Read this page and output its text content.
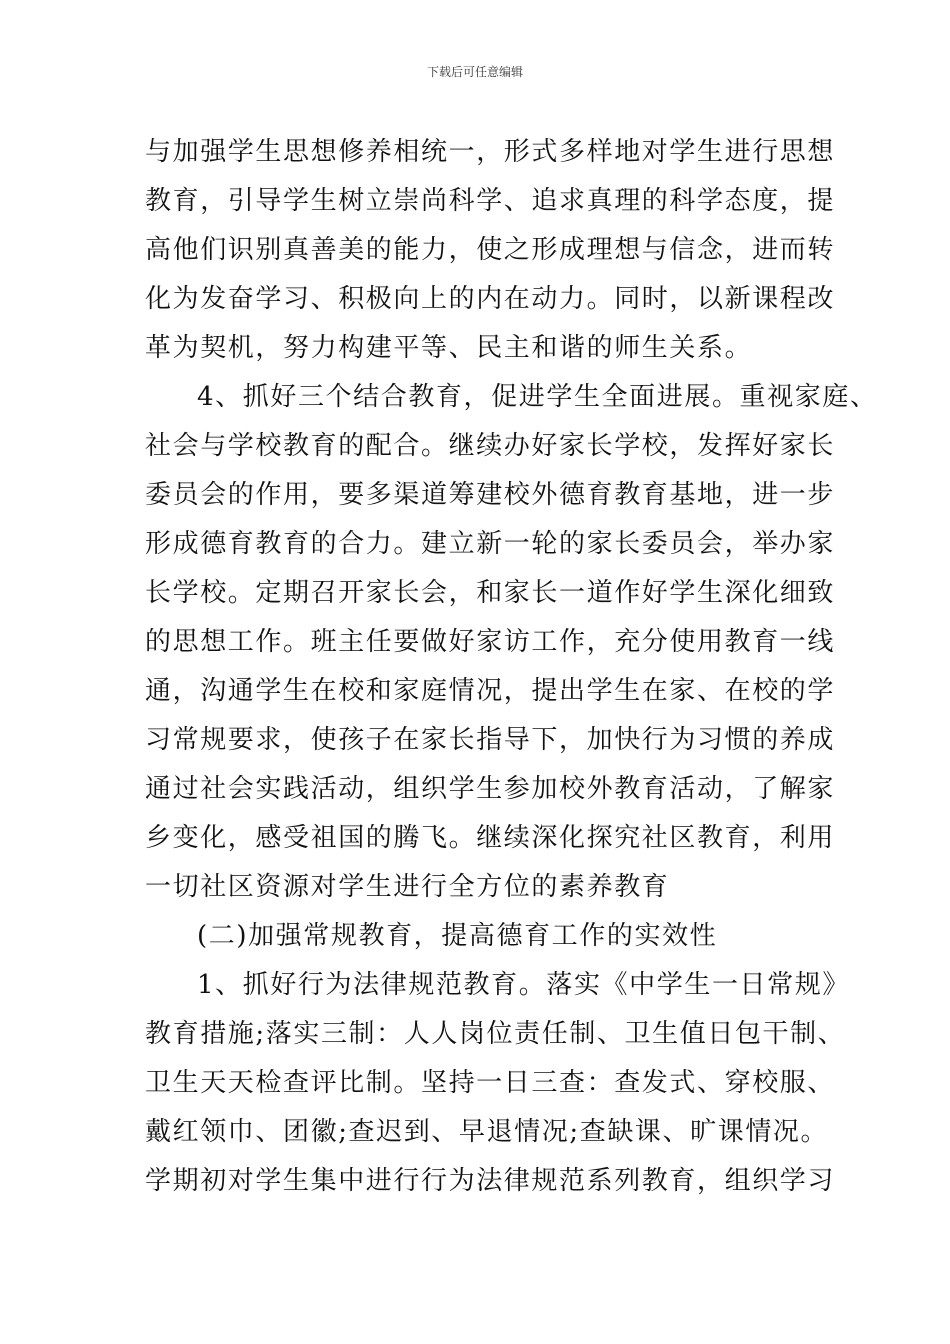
下载后可任意编辑
与加强学生思想修养相统一，形式多样地对学生进行思想
教育，引导学生树立崇尚科学、追求真理的科学态度，提
高他们识别真善美的能力，使之形成理想与信念，进而转
化为发奋学习、积极向上的内在动力。同时，以新课程改
革为契机，努力构建平等、民主和谐的师生关系。
4、抓好三个结合教育，促进学生全面进展。重视家庭、
社会与学校教育的配合。继续办好家长学校，发挥好家长
委员会的作用，要多渠道筹建校外德育教育基地，进一步
形成德育教育的合力。建立新一轮的家长委员会，举办家
长学校。定期召开家长会，和家长一道作好学生深化细致
的思想工作。班主任要做好家访工作，充分使用教育一线
通，沟通学生在校和家庭情况，提出学生在家、在校的学
习常规要求，使孩子在家长指导下，加快行为习惯的养成
通过社会实践活动，组织学生参加校外教育活动，了解家
乡变化，感受祖国的腾飞。继续深化探究社区教育，利用
一切社区资源对学生进行全方位的素养教育
(二)加强常规教育，提高德育工作的实效性
1、抓好行为法律规范教育。落实《中学生一日常规》
教育措施;落实三制：人人岗位责任制、卫生值日包干制、
卫生天天检查评比制。坚持一日三查：查发式、穿校服、
戴红领巾、团徽;查迟到、早退情况;查缺课、旷课情况。
学期初对学生集中进行行为法律规范系列教育，组织学习
